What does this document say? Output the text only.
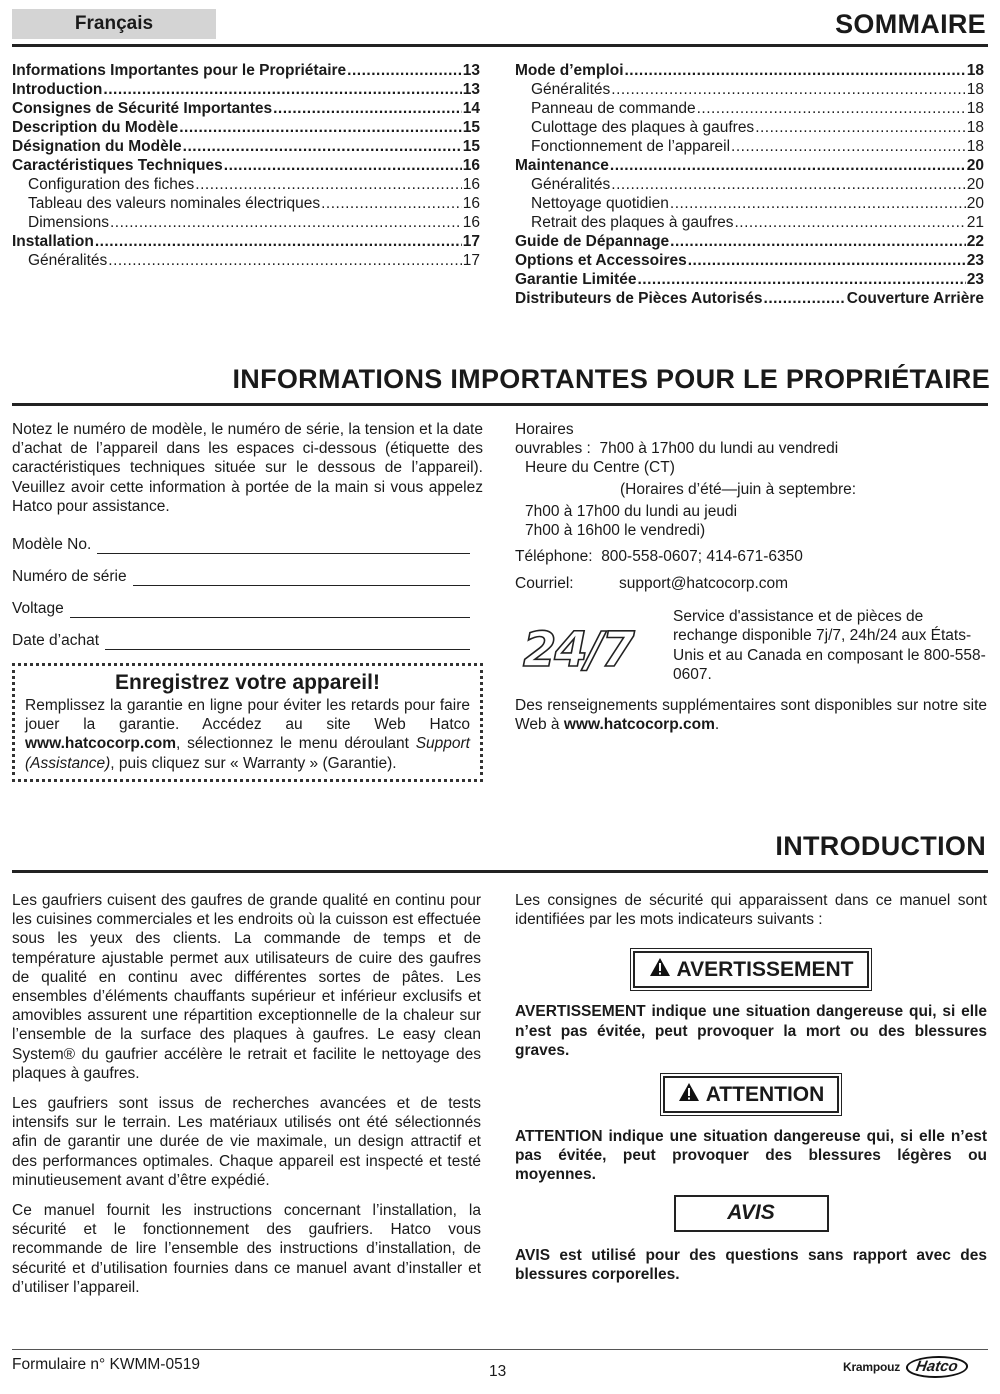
Français	SOMMAIRE
Informations Importantes pour le Propriétaire .....	13
Introduction .....	13
Consignes de Sécurité Importantes .....	14
Description du Modèle .....	15
Désignation du Modèle .....	15
Caractéristiques Techniques .....	16
Configuration des fiches .....	16
Tableau des valeurs nominales électriques .....	16
Dimensions .....	16
Installation .....	17
Généralités .....	17
Mode d’emploi .....	18
Généralités .....	18
Panneau de commande .....	18
Culottage des plaques à gaufres .....	18
Fonctionnement de l’appareil .....	18
Maintenance .....	20
Généralités .....	20
Nettoyage quotidien .....	20
Retrait des plaques à gaufres .....	21
Guide de Dépannage .....	22
Options et Accessoires .....	23
Garantie Limitée .....	23
Distributeurs de Pièces Autorisés .....	Couverture Arrière
INFORMATIONS IMPORTANTES POUR LE PROPRIÉTAIRE

Notez le numéro de modèle, le numéro de série, la tension et la date d’achat de l’appareil dans les espaces ci-dessous (étiquette des caractéristiques techniques située sur le dessous de l’appareil). Veuillez avoir cette information à portée de la main si vous appelez Hatco pour assistance.

Modèle No.
Numéro de série
Voltage
Date d’achat
Enregistrez votre appareil!

Remplissez la garantie en ligne pour éviter les retards pour faire jouer la garantie. Accédez au site Web Hatco www.hatcocorp.com, sélectionnez le menu déroulant Support (Assistance), puis cliquez sur « Warranty » (Garantie).

Horaires
ouvrables : 7h00 à 17h00 du lundi au vendredi
Heure du Centre (CT)
(Horaires d’été—juin à septembre:
7h00 à 17h00 du lundi au jeudi
7h00 à 16h00 le vendredi)
Téléphone: 800-558-0607; 414-671-6350
Courriel:	support@hatcocorp.com
24/7
Service d'assistance et de pièces de rechange disponible 7j/7, 24h/24 aux États-Unis et au Canada en composant le 800-558-0607.

Des renseignements supplémentaires sont disponibles sur notre site Web à www.hatcocorp.com.

INTRODUCTION

Les gaufriers cuisent des gaufres de grande qualité en continu pour les cuisines commerciales et les endroits où la cuisson est effectuée sous les yeux des clients. La commande de temps et de température ajustable permet aux utilisateurs de cuire des gaufres de qualité en continu avec différentes sortes de pâtes. Les ensembles d’éléments chauffants supérieur et inférieur exclusifs et amovibles assurent une répartition exceptionnelle de la chaleur sur l’ensemble de la surface des plaques à gaufres. Le easy clean System® du gaufrier accélère le retrait et facilite le nettoyage des plaques à gaufres.

Les gaufriers sont issus de recherches avancées et de tests intensifs sur le terrain. Les matériaux utilisés ont été sélectionnés afin de garantir une durée de vie maximale, un design attractif et des performances optimales. Chaque appareil est inspecté et testé minutieusement avant d’être expédié.

Ce manuel fournit les instructions concernant l’installation, la sécurité et le fonctionnement des gaufriers. Hatco vous recommande de lire l’ensemble des instructions d’installation, de sécurité et d’utilisation fournies dans ce manuel avant d’installer et d’utiliser l’appareil.

Les consignes de sécurité qui apparaissent dans ce manuel sont identifiées par les mots indicateurs suivants :

AVERTISSEMENT

AVERTISSEMENT indique une situation dangereuse qui, si elle n’est pas évitée, peut provoquer la mort ou des blessures graves.

ATTENTION

ATTENTION indique une situation dangereuse qui, si elle n’est pas évitée, peut provoquer des blessures légères ou moyennes.

AVIS

AVIS est utilisé pour des questions sans rapport avec des blessures corporelles.

Formulaire n° KWMM-0519	13	Krampouz Hatco
